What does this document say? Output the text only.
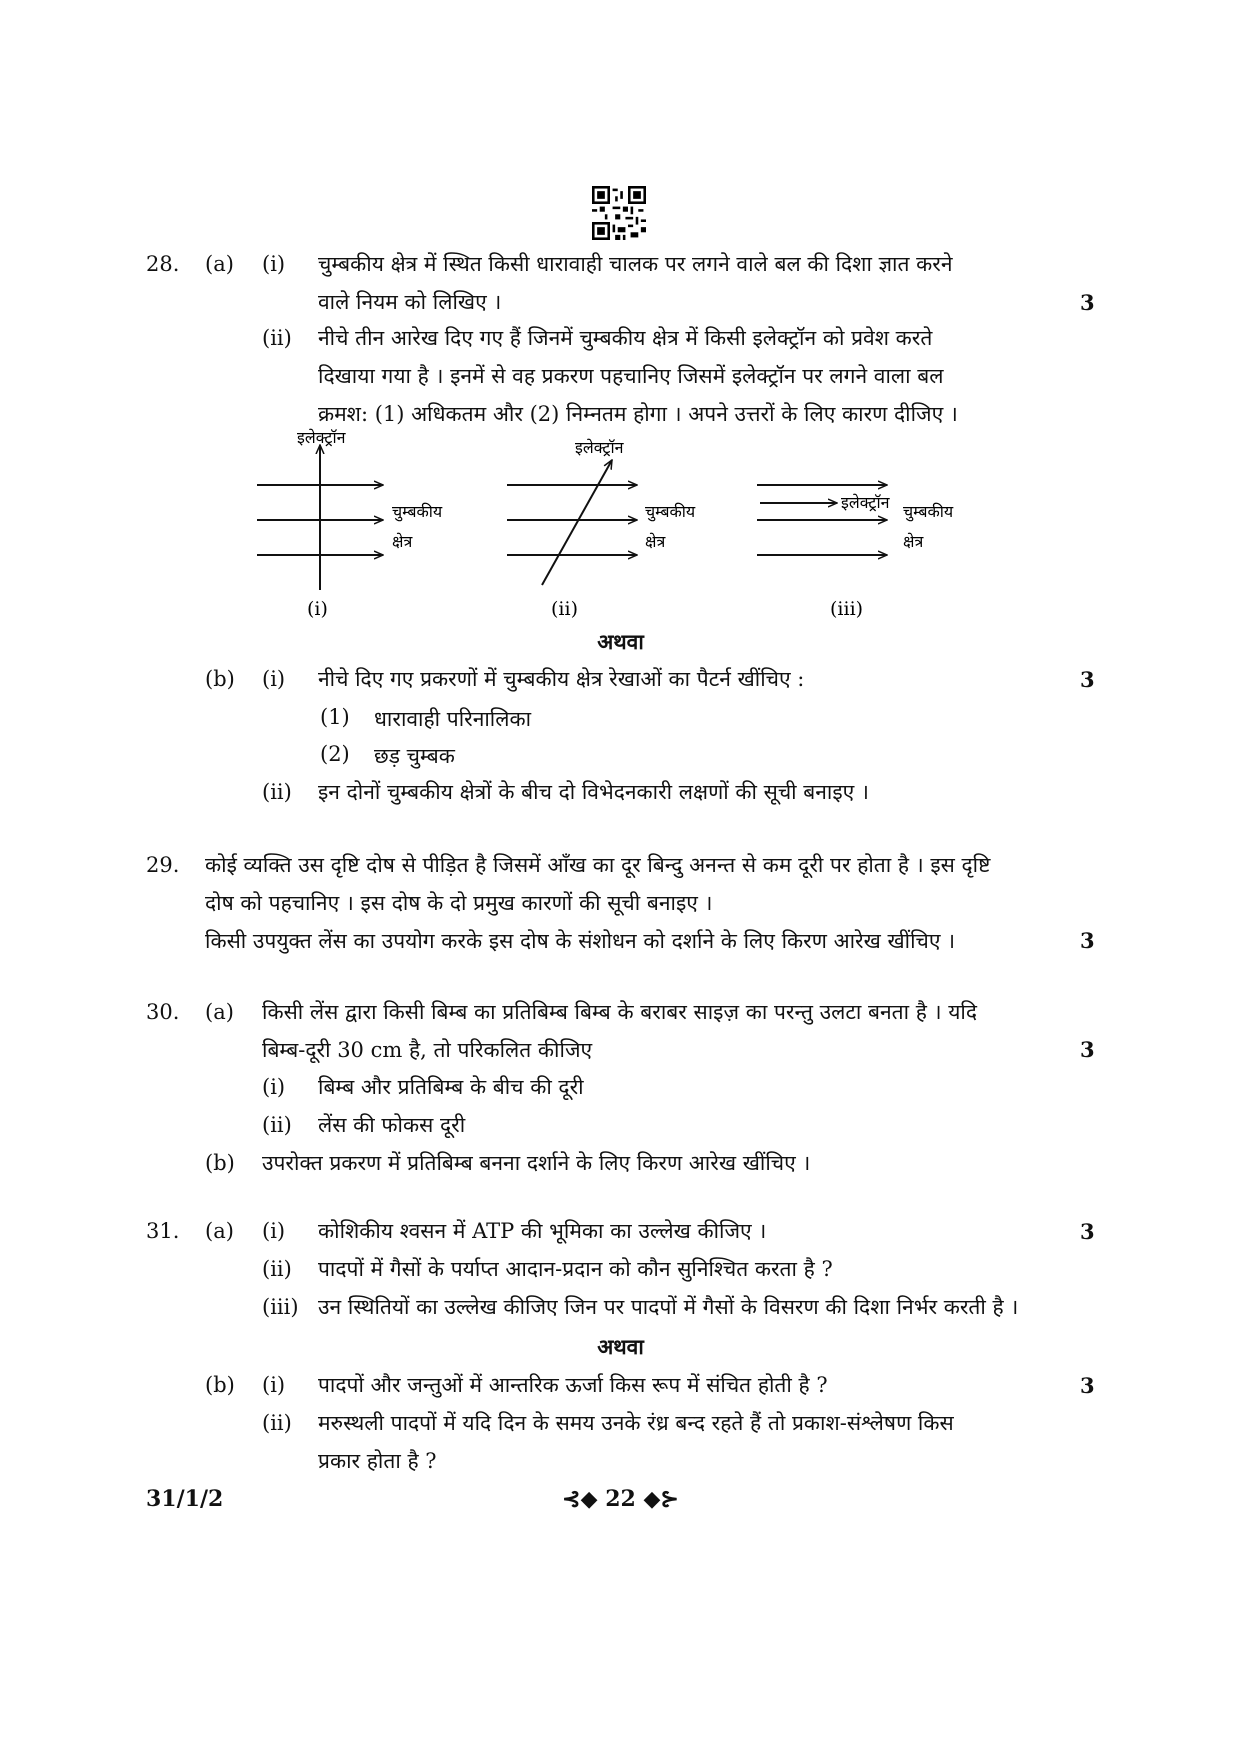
28. (a) (i) चुम्बकीय क्षेत्र में स्थित किसी धारावाही चालक पर लगने वाले बल की दिशा ज्ञात करने
वाले नियम को लिखिए ।	3
(ii) नीचे तीन आरेख दिए गए हैं जिनमें चुम्बकीय क्षेत्र में किसी इलेक्ट्रॉन को प्रवेश करते
दिखाया गया है । इनमें से वह प्रकरण पहचानिए जिसमें इलेक्ट्रॉन पर लगने वाला बल
क्रमश: (1) अधिकतम और (2) निम्नतम होगा । अपने उत्तरों के लिए कारण दीजिए ।
इलेक्ट्रॉन
चुम्बकीय
क्षेत्र
(i)
इलेक्ट्रॉन
चुम्बकीय
क्षेत्र
(ii)
इलेक्ट्रॉन चुम्बकीय
क्षेत्र
(iii)
अथवा
(b) (i) नीचे दिए गए प्रकरणों में चुम्बकीय क्षेत्र रेखाओं का पैटर्न खींचिए :	3
(1) धारावाही परिनालिका
(2) छड़ चुम्बक
(ii) इन दोनों चुम्बकीय क्षेत्रों के बीच दो विभेदनकारी लक्षणों की सूची बनाइए ।
29. कोई व्यक्ति उस दृष्टि दोष से पीड़ित है जिसमें आँख का दूर बिन्दु अनन्त से कम दूरी पर होता है । इस दृष्टि
दोष को पहचानिए । इस दोष के दो प्रमुख कारणों की सूची बनाइए ।
किसी उपयुक्त लेंस का उपयोग करके इस दोष के संशोधन को दर्शाने के लिए किरण आरेख खींचिए ।	3
30. (a) किसी लेंस द्वारा किसी बिम्ब का प्रतिबिम्ब बिम्ब के बराबर साइज़ का परन्तु उलटा बनता है । यदि
बिम्ब-दूरी 30 cm है, तो परिकलित कीजिए	3
(i) बिम्ब और प्रतिबिम्ब के बीच की दूरी
(ii) लेंस की फोकस दूरी
(b) उपरोक्त प्रकरण में प्रतिबिम्ब बनना दर्शाने के लिए किरण आरेख खींचिए ।
31. (a) (i) कोशिकीय श्वसन में ATP की भूमिका का उल्लेख कीजिए ।	3
(ii) पादपों में गैसों के पर्याप्त आदान-प्रदान को कौन सुनिश्चित करता है ?
(iii) उन स्थितियों का उल्लेख कीजिए जिन पर पादपों में गैसों के विसरण की दिशा निर्भर करती है ।
अथवा
(b) (i) पादपों और जन्तुओं में आन्तरिक ऊर्जा किस रूप में संचित होती है ?	3
(ii) मरुस्थली पादपों में यदि दिन के समय उनके रंध्र बन्द रहते हैं तो प्रकाश-संश्लेषण किस
प्रकार होता है ?
31/1/2	⊰◆ 22 ◆⊱
